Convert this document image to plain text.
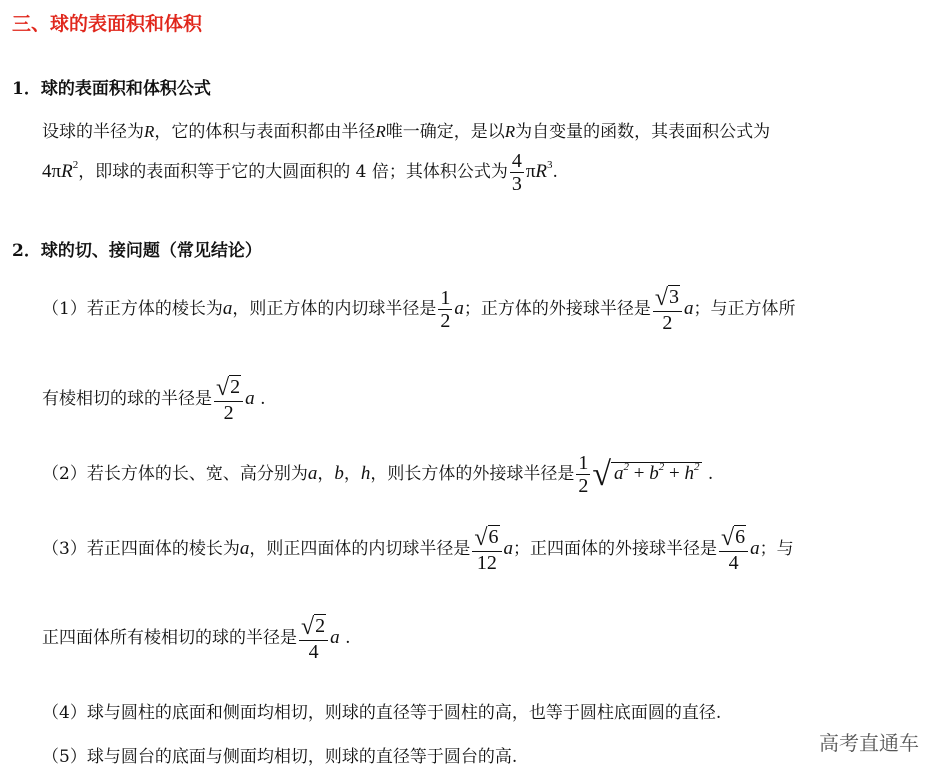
三、球的表面积和体积
1．球的表面积和体积公式
设球的半径为R，它的体积与表面积都由半径R唯一确定，是以R为自变量的函数，其表面积公式为
$4\pi R^2$，即球的表面积等于它的大圆面积的 4 倍；其体积公式为 $\frac{4}{3} \pi R^3$.
2．球的切、接问题（常见结论）
（1）若正方体的棱长为a，则正方体的内切球半径是 $\frac{1}{2}$ a；正方体的外接球半径是 $\frac{√3}{2}$ a；与正方体所
有棱相切的球的半径是 $\frac{√2}{2}$ a .
（2）若长方体的长、宽、高分别为a，b，h，则长方体的外接球半径是 $\frac{1}{2}$ √ $a^2 + b^2 + h^2$ .
（3）若正四面体的棱长为a，则正四面体的内切球半径是 $\frac{√6}{12}$ a；正四面体的外接球半径是 $\frac{√6}{4}$ a；与
正四面体所有棱相切的球的半径是 $\frac{√2}{4}$ a .
（4）球与圆柱的底面和侧面均相切，则球的直径等于圆柱的高，也等于圆柱底面圆的直径.
（5）球与圆台的底面与侧面均相切，则球的直径等于圆台的高.
高考直通车
